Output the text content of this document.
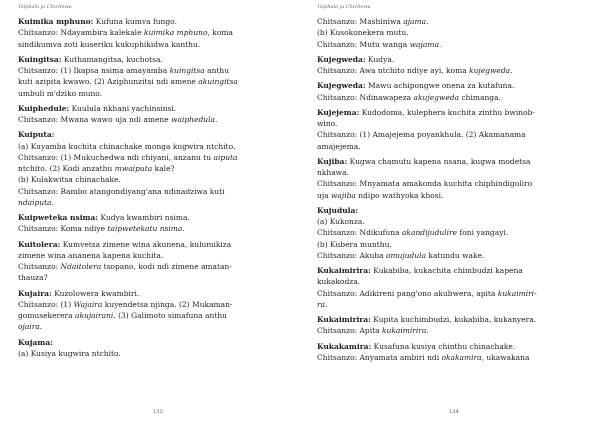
Tsiphalo ja Chichewa
Kuimika mphuno: Kufuna kumva fungo.
Chitsanzo: Ndayambira kalekale kuimika mphuno, koma
sindikumva zoti kuseriku kukuphikidwa kanthu.
Kuingitsa: Kuthamangitsa, kuchotsa.
Chitsanzo: (1) Ikapsa nsima amayamba kuingitsa anthu
kuti azipita kwawo. (2) Aziphunzitsi ndi amene akuingitsa
umbuli m'dziko muno.
Kuiphedule: Kuulula nkhani yachinsinsi.
Chitsanzo: Mwana wawo uja ndi amene waiphedula.
Kuiputa:
(a) Kuyamba kuchita chinachake monga kugwira ntchito.
Chitsanzo: (1) Mukuchedwa ndi chiyani, anzanu tu aiputa
ntchito. (2) Kodi anzathu mwaiputa kale?
(b) Kulakwitsa chinachake.
Chitsanzo: Bambo atangondiyang'ana ndinadziwa kuti
ndaiputa.
Kuipweteka nsima: Kudya kwambiri nsima.
Chitsanzo: Koma ndiye taipwetekatu nsima.
Kuitolera: Kumvetsa zimene wina akunena, kulumikiza
zimene wina ananena kapena kuchita.
Chitsanzo: Ndaitolera tsopano, kodi ndi zimene amatan-
thauza?
Kujaira: Kuzolowera kwambiri.
Chitsanzo: (1) Wajaira kuyendetsa njinga. (2) Mukaman-
gomusekerera akujairani. (3) Galimoto simafuna anthu
ojaira.
Kujama:
(a) Kusiya kugwira ntchito.
133
Tsiphalo ja Chichewa
Chitsanzo: Mashiniwa ajama.
(b) Kusokonekera mutu.
Chitsanzo: Mutu wanga wajama.
Kujegweda: Kudya.
Chitsanzo: Awa ntchito ndiye ayi, koma kujegweda.
Kujegweda: Mawu achipongwe onena za kutafuna.
Chitsanzo: Ndinawapeza akujegweda chimanga.
Kujejema: Kudodoma, kulephera kuchita zinthu bwinob-
wino.
Chitsanzo: (1) Amajejema poyankhula. (2) Akamanama
amajejema.
Kujiba: Kugwa chamutu kapena nsana, kugwa modetsa
nkhawa.
Chitsanzo: Mnyamata amakonda kuchita chiphindigoliro
uja wajiba ndipo wathyoka khosi.
Kujudula:
(a) Kukonza.
Chitsanzo: Ndikufuna akandijudulire foni yangayi.
(b) Kubera munthu.
Chitsanzo: Akuba amujudula katundu wake.
Kukaimirira: Kukabiba, kukachita chimbudzi kapena
kukakodza.
Chitsanzo: Adikireni pang'ono akubwera, apita kukaimiri-
ra.
Kukaimirira: Kupita kuchimbudzi, kukabiba, kukanyera.
Chitsanzo: Apita kukaimirira.
Kukakamira: Kusafuna kusiya chinthu chinachake.
Chitsanzo: Anyamata ambiri ndi okakamira, ukawakana
134
